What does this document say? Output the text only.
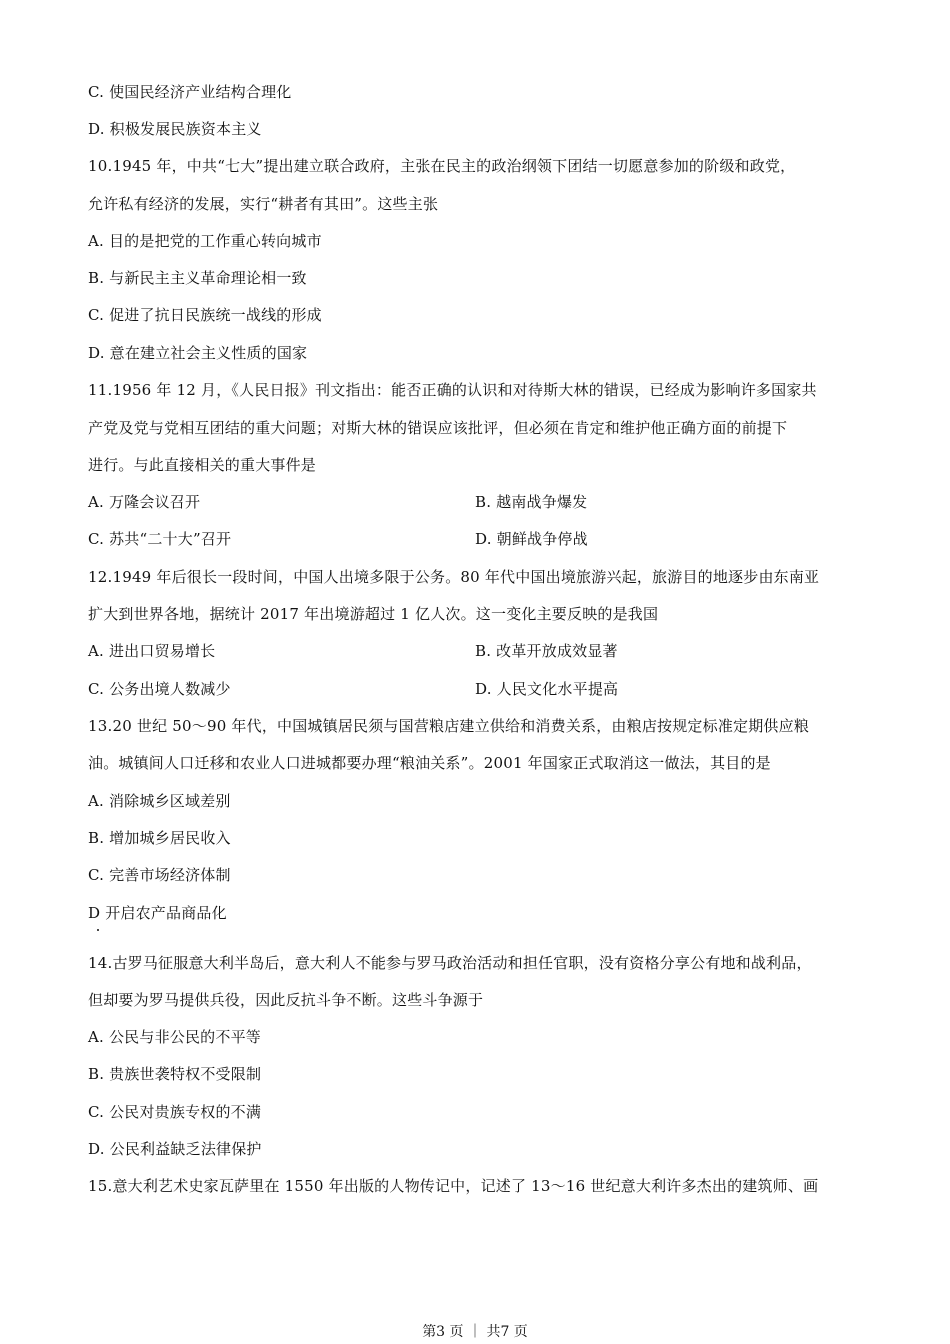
C. 使国民经济产业结构合理化
D. 积极发展民族资本主义
10.1945 年，中共“七大”提出建立联合政府，主张在民主的政治纲领下团结一切愿意参加的阶级和政党，
允许私有经济的发展，实行“耕者有其田”。这些主张
A. 目的是把党的工作重心转向城市
B. 与新民主主义革命理论相一致
C. 促进了抗日民族统一战线的形成
D. 意在建立社会主义性质的国家
11.1956 年 12 月，《人民日报》刊文指出：能否正确的认识和对待斯大林的错误，已经成为影响许多国家共
产党及党与党相互团结的重大问题；对斯大林的错误应该批评，但必须在肯定和维护他正确方面的前提下
进行。与此直接相关的重大事件是
A. 万隆会议召开	B. 越南战争爆发
C. 苏共“二十大”召开	D. 朝鲜战争停战
12.1949 年后很长一段时间，中国人出境多限于公务。80 年代中国出境旅游兴起，旅游目的地逐步由东南亚
扩大到世界各地，据统计 2017 年出境游超过 1 亿人次。这一变化主要反映的是我国
A. 进出口贸易增长	B. 改革开放成效显著
C. 公务出境人数减少	D. 人民文化水平提高
13.20 世纪 50～90 年代，中国城镇居民须与国营粮店建立供给和消费关系，由粮店按规定标准定期供应粮
油。城镇间人口迁移和农业人口进城都要办理“粮油关系”。2001 年国家正式取消这一做法，其目的是
A. 消除城乡区域差别
B. 增加城乡居民收入
C. 完善市场经济体制
D 开启农产品商品化
14.古罗马征服意大利半岛后，意大利人不能参与罗马政治活动和担任官职，没有资格分享公有地和战利品，
但却要为罗马提供兵役，因此反抗斗争不断。这些斗争源于
A. 公民与非公民的不平等
B. 贵族世袭特权不受限制
C. 公民对贵族专权的不满
D. 公民利益缺乏法律保护
15.意大利艺术史家瓦萨里在 1550 年出版的人物传记中，记述了 13～16 世纪意大利许多杰出的建筑师、画
第3 页 ｜ 共7 页
